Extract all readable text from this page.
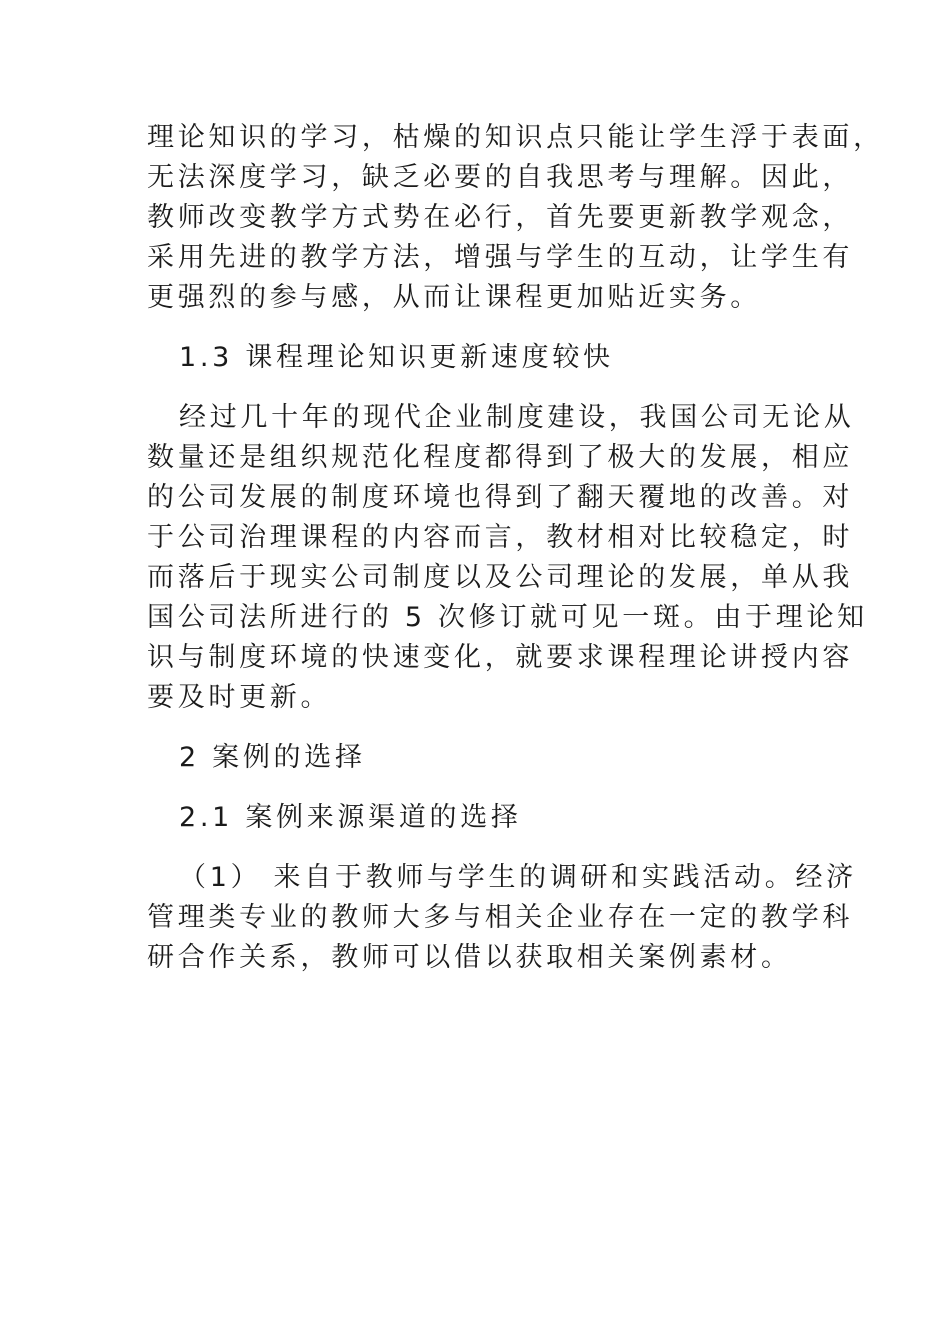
理论知识的学习，枯燥的知识点只能让学生浮于表面，
无法深度学习，缺乏必要的自我思考与理解。因此，
教师改变教学方式势在必行，首先要更新教学观念，
采用先进的教学方法，增强与学生的互动，让学生有
更强烈的参与感，从而让课程更加贴近实务。
1.3 课程理论知识更新速度较快
经过几十年的现代企业制度建设，我国公司无论从
数量还是组织规范化程度都得到了极大的发展，相应
的公司发展的制度环境也得到了翻天覆地的改善。对
于公司治理课程的内容而言，教材相对比较稳定，时
而落后于现实公司制度以及公司理论的发展，单从我
国公司法所进行的 5 次修订就可见一斑。由于理论知
识与制度环境的快速变化，就要求课程理论讲授内容
要及时更新。
2 案例的选择
2.1 案例来源渠道的选择
（1） 来自于教师与学生的调研和实践活动。经济
管理类专业的教师大多与相关企业存在一定的教学科
研合作关系，教师可以借以获取相关案例素材。
